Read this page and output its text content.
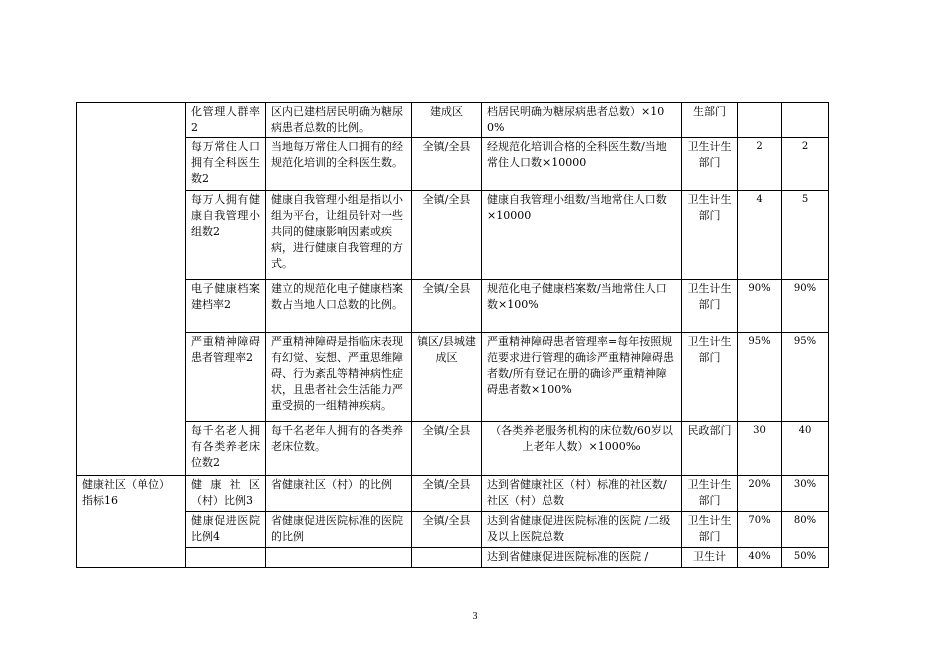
	化管理人群率2	区内已建档居民明确为糖尿病患者总数的比例。	建成区	档居民明确为糖尿病患者总数）×100%	生部门		
	每万常住人口拥有全科医生数2	当地每万常住人口拥有的经规范化培训的全科医生数。	全镇/全县	经规范化培训合格的全科医生数/当地常住人口数×10000	卫生计生部门	2	2
	每万人拥有健康自我管理小组数2	健康自我管理小组是指以小组为平台，让组员针对一些共同的健康影响因素或疾病，进行健康自我管理的方式。	全镇/全县	健康自我管理小组数/当地常住人口数 ×10000	卫生计生部门	4	5
	电子健康档案建档率2	建立的规范化电子健康档案数占当地人口总数的比例。	全镇/全县	规范化电子健康档案数/当地常住人口数×100%	卫生计生部门	90%	90%
	严重精神障碍患者管理率2	严重精神障碍是指临床表现有幻觉、妄想、严重思维障碍、行为紊乱等精神病性症状，且患者社会生活能力严重受损的一组精神疾病。	镇区/县城建成区	严重精神障碍患者管理率=每年按照规范要求进行管理的确诊严重精神障碍患者数/所有登记在册的确诊严重精神障碍患者数×100%	卫生计生部门	95%	95%
	每千名老人拥有各类养老床位数2	每千名老年人拥有的各类养老床位数。	全镇/全县	（各类养老服务机构的床位数/60岁以上老年人数）×1000‰	民政部门	30	40
健康社区（单位）指标16	健康社区（村）比例3	省健康社区（村）的比例	全镇/全县	达到省健康社区（村）标准的社区数/社区（村）总数	卫生计生部门	20%	30%
	健康促进医院比例4	省健康促进医院标准的医院的比例	全镇/全县	达到省健康促进医院标准的医院 /二级及以上医院总数	卫生计生部门	70%	80%
				达到省健康促进医院标准的医院 /	卫生计	40%	50%
3
